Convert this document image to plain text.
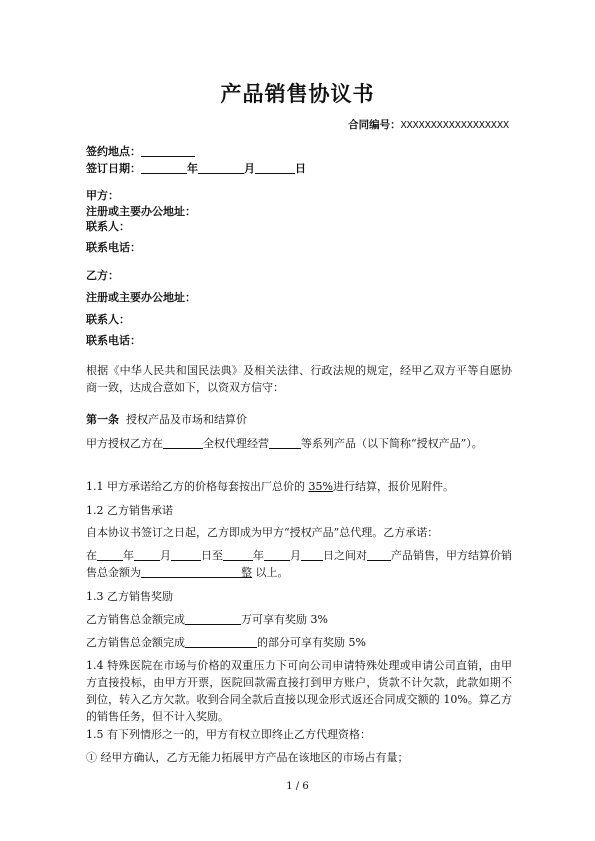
产品销售协议书
合同编号：XXXXXXXXXXXXXXXXXX
签约地点：
签订日期：	年	月	日
甲方：
注册或主要办公地址：
联系人：
联系电话：
乙方：
注册或主要办公地址：
联系人：
联系电话：
根据《中华人民共和国民法典》及相关法律、行政法规的规定，经甲乙双方平等自愿协商一致，达成合意如下，以资双方信守：
第一条 授权产品及市场和结算价
甲方授权乙方在	全权代理经营	等系列产品（以下简称“授权产品”）。
1.1 甲方承诺给乙方的价格每套按出厂总价的 35%进行结算，报价见附件。
1.2 乙方销售承诺
自本协议书签订之日起，乙方即成为甲方“授权产品”总代理。乙方承诺：
在 年 月	日至	年 月 日之间对 产品销售，甲方结算价销售总金额为	整 以上。
1.3 乙方销售奖励
乙方销售总金额完成	万可享有奖励 3%
乙方销售总金额完成	的部分可享有奖励 5%
1.4 特殊医院在市场与价格的双重压力下可向公司申请特殊处理或申请公司直销，由甲方直接投标，由甲方开票，医院回款需直接打到甲方账户，货款不计欠款，此款如期不到位，转入乙方欠款。收到合同全款后直接以现金形式返还合同成交额的 10%。算乙方的销售任务，但不计入奖励。
1.5 有下列情形之一的，甲方有权立即终止乙方代理资格：
① 经甲方确认，乙方无能力拓展甲方产品在该地区的市场占有量；
1 / 6
